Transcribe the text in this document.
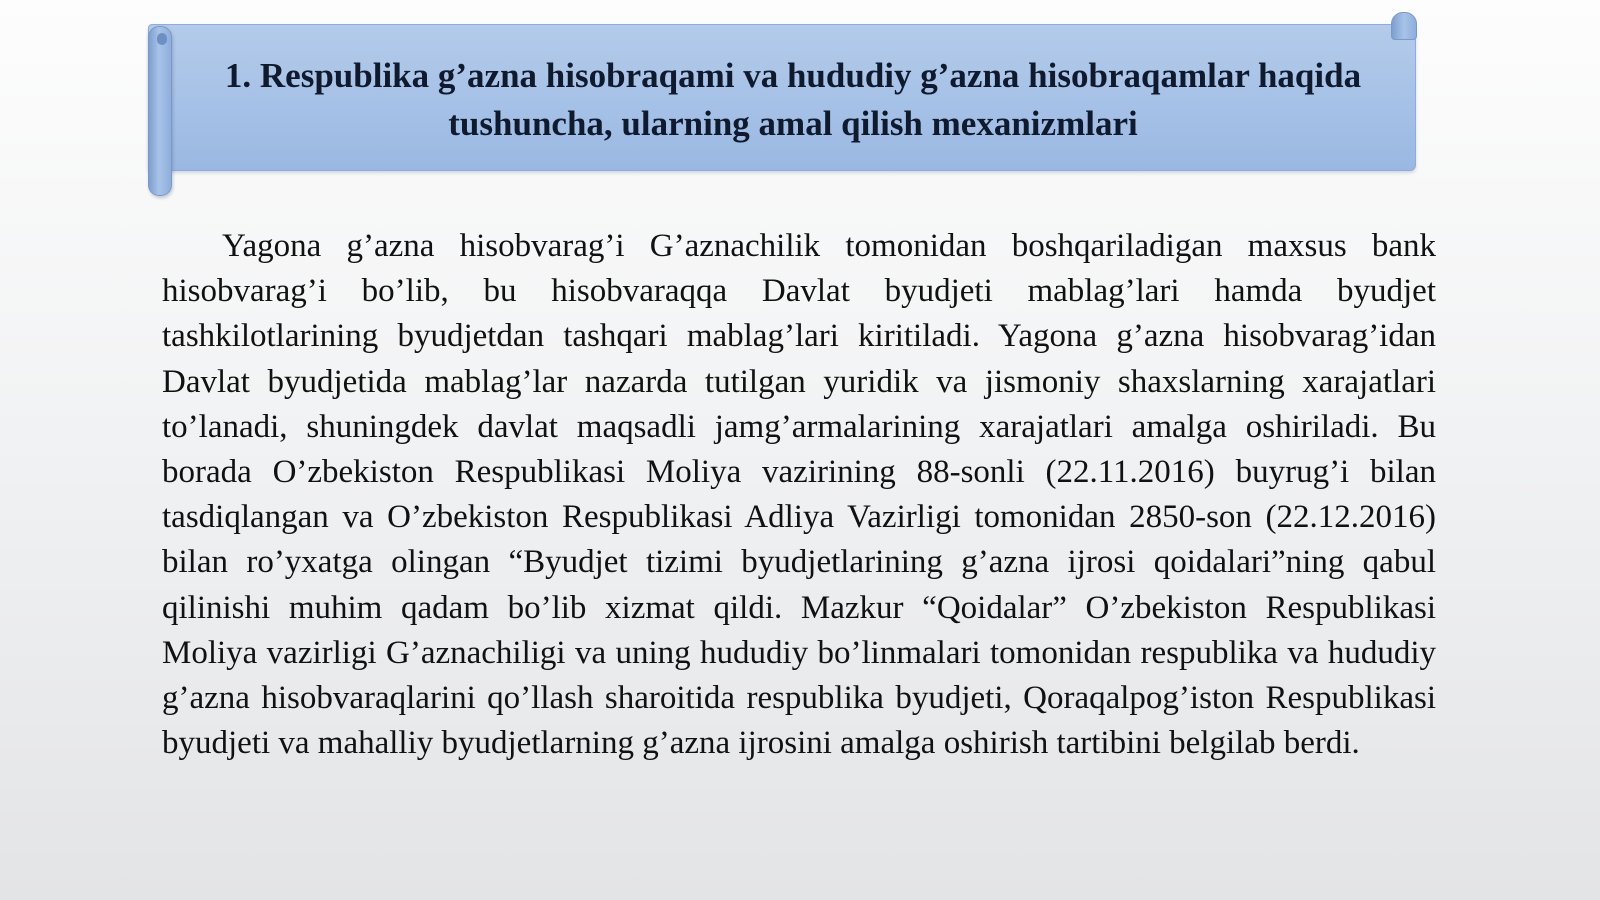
1. Respublika g’azna hisobraqami va hududiy g’azna hisobraqamlar haqida tushuncha, ularning amal qilish mexanizmlari

Yagona g’azna hisobvarag’i G’aznachilik tomonidan boshqariladigan maxsus bank hisobvarag’i bo’lib, bu hisobvaraqqa Davlat byudjeti mablag’lari hamda byudjet tashkilotlarining byudjetdan tashqari mablag’lari kiritiladi. Yagona g’azna hisobvarag’idan Davlat byudjetida mablag’lar nazarda tutilgan yuridik va jismoniy shaxslarning xarajatlari to’lanadi, shuningdek davlat maqsadli jamg’armalarining xarajatlari amalga oshiriladi. Bu borada O’zbekiston Respublikasi Moliya vazirining 88-sonli (22.11.2016) buyrug’i bilan tasdiqlangan va O’zbekiston Respublikasi Adliya Vazirligi tomonidan 2850-son (22.12.2016) bilan ro’yxatga olingan “Byudjet tizimi byudjetlarining g’azna ijrosi qoidalari”ning qabul qilinishi muhim qadam bo’lib xizmat qildi. Mazkur “Qoidalar” O’zbekiston Respublikasi Moliya vazirligi G’aznachiligi va uning hududiy bo’linmalari tomonidan respublika va hududiy g’azna hisobvaraqlarini qo’llash sharoitida respublika byudjeti, Qoraqalpog’iston Respublikasi byudjeti va mahalliy byudjetlarning g’azna ijrosini amalga oshirish tartibini belgilab berdi.
